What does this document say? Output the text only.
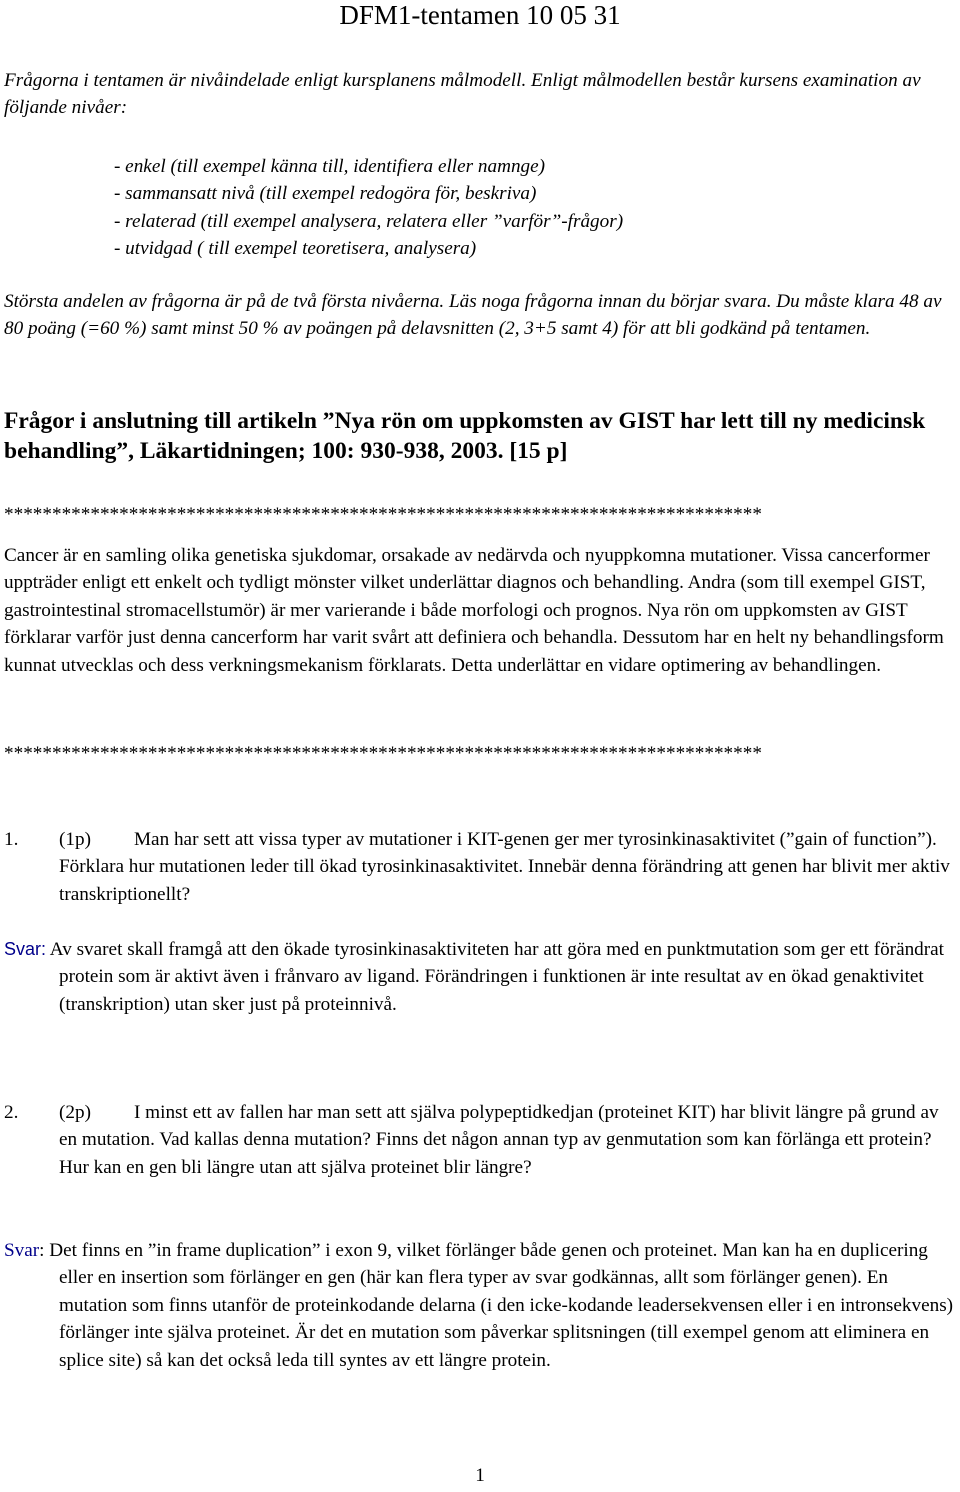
DFM1-tentamen 10 05 31
Frågorna i tentamen är nivåindelade enligt kursplanens målmodell. Enligt målmodellen består kursens examination av följande nivåer:
- enkel (till exempel känna till, identifiera eller namnge)
- sammansatt nivå (till exempel redogöra för, beskriva)
- relaterad (till exempel analysera, relatera eller ”varför”-frågor)
- utvidgad ( till exempel teoretisera, analysera)
Största andelen av frågorna är på de två första nivåerna. Läs noga frågorna innan du börjar svara. Du måste klara 48 av 80 poäng (=60 %) samt minst 50 % av poängen på delavsnitten (2, 3+5 samt 4) för att bli godkänd på tentamen.
Frågor i anslutning till artikeln ”Nya rön om uppkomsten av GIST har lett till ny medicinsk behandling”, Läkartidningen; 100: 930-938, 2003. [15 p]
*******************************************************************************
Cancer är en samling olika genetiska sjukdomar, orsakade av nedärvda och nyuppkomna mutationer. Vissa cancerformer uppträder enligt ett enkelt och tydligt mönster vilket underlättar diagnos och behandling. Andra (som till exempel GIST, gastrointestinal stromacellstumör) är mer varierande i både morfologi och prognos. Nya rön om uppkomsten av GIST förklarar varför just denna cancerform har varit svårt att definiera och behandla. Dessutom har en helt ny behandlingsform kunnat utvecklas och dess verkningsmekanism förklarats. Detta underlättar en vidare optimering av behandlingen.
*******************************************************************************
1. (1p) Man har sett att vissa typer av mutationer i KIT-genen ger mer tyrosinkinasaktivitet (”gain of function”). Förklara hur mutationen leder till ökad tyrosinkinasaktivitet. Innebär denna förändring att genen har blivit mer aktiv transkriptionellt?
Svar: Av svaret skall framgå att den ökade tyrosinkinasaktiviteten har att göra med en punktmutation som ger ett förändrat protein som är aktivt även i frånvaro av ligand. Förändringen i funktionen är inte resultat av en ökad genaktivitet (transkription) utan sker just på proteinnivå.
2. (2p) I minst ett av fallen har man sett att själva polypeptidkedjan (proteinet KIT) har blivit längre på grund av en mutation. Vad kallas denna mutation? Finns det någon annan typ av genmutation som kan förlänga ett protein? Hur kan en gen bli längre utan att själva proteinet blir längre?
Svar: Det finns en ”in frame duplication” i exon 9, vilket förlänger både genen och proteinet. Man kan ha en duplicering eller en insertion som förlänger en gen (här kan flera typer av svar godkännas, allt som förlänger genen). En mutation som finns utanför de proteinkodande delarna (i den icke-kodande leadersekvensen eller i en intronsekvens) förlänger inte själva proteinet. Är det en mutation som påverkar splitsningen (till exempel genom att eliminera en splice site) så kan det också leda till syntes av ett längre protein.
1
